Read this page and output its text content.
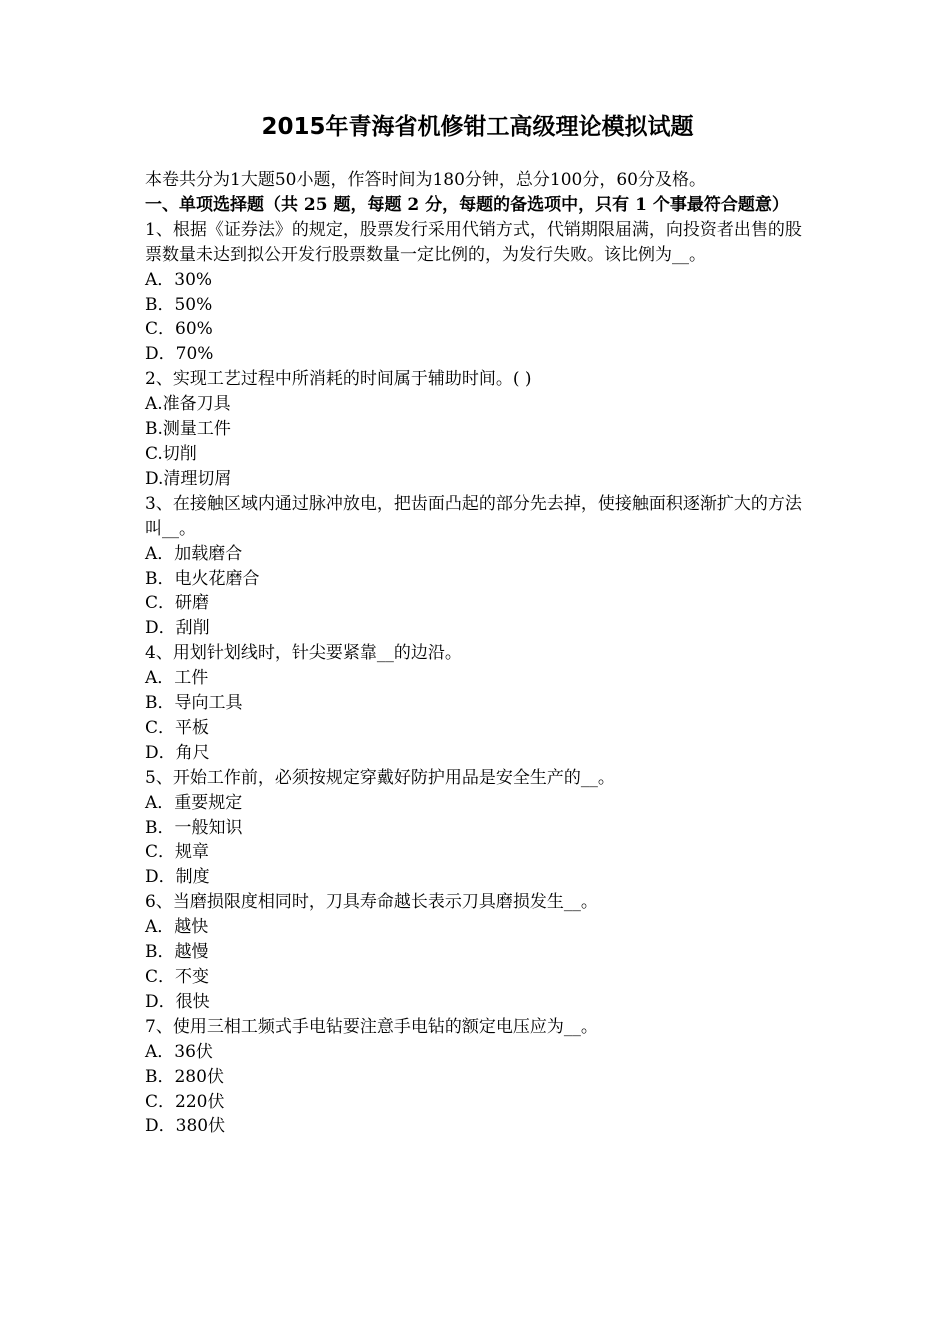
2015年青海省机修钳工高级理论模拟试题

本卷共分为1大题50小题，作答时间为180分钟，总分100分，60分及格。

一、单项选择题（共 25 题，每题 2 分，每题的备选项中，只有 1 个事最符合题意）

1、根据《证券法》的规定，股票发行采用代销方式，代销期限届满，向投资者出售的股票数量未达到拟公开发行股票数量一定比例的，为发行失败。该比例为__。

A．30%

B．50%

C．60%

D．70%

2、实现工艺过程中所消耗的时间属于辅助时间。( )

A.准备刀具

B.测量工件

C.切削

D.清理切屑

3、在接触区域内通过脉冲放电，把齿面凸起的部分先去掉，使接触面积逐渐扩大的方法叫__。

A．加载磨合

B．电火花磨合

C．研磨

D．刮削

4、用划针划线时，针尖要紧靠__的边沿。

A．工件

B．导向工具

C．平板

D．角尺

5、开始工作前，必须按规定穿戴好防护用品是安全生产的__。

A．重要规定

B．一般知识

C．规章

D．制度

6、当磨损限度相同时，刀具寿命越长表示刀具磨损发生__。

A．越快

B．越慢

C．不变

D．很快

7、使用三相工频式手电钻要注意手电钻的额定电压应为__。

A．36伏

B．280伏

C．220伏

D．380伏
